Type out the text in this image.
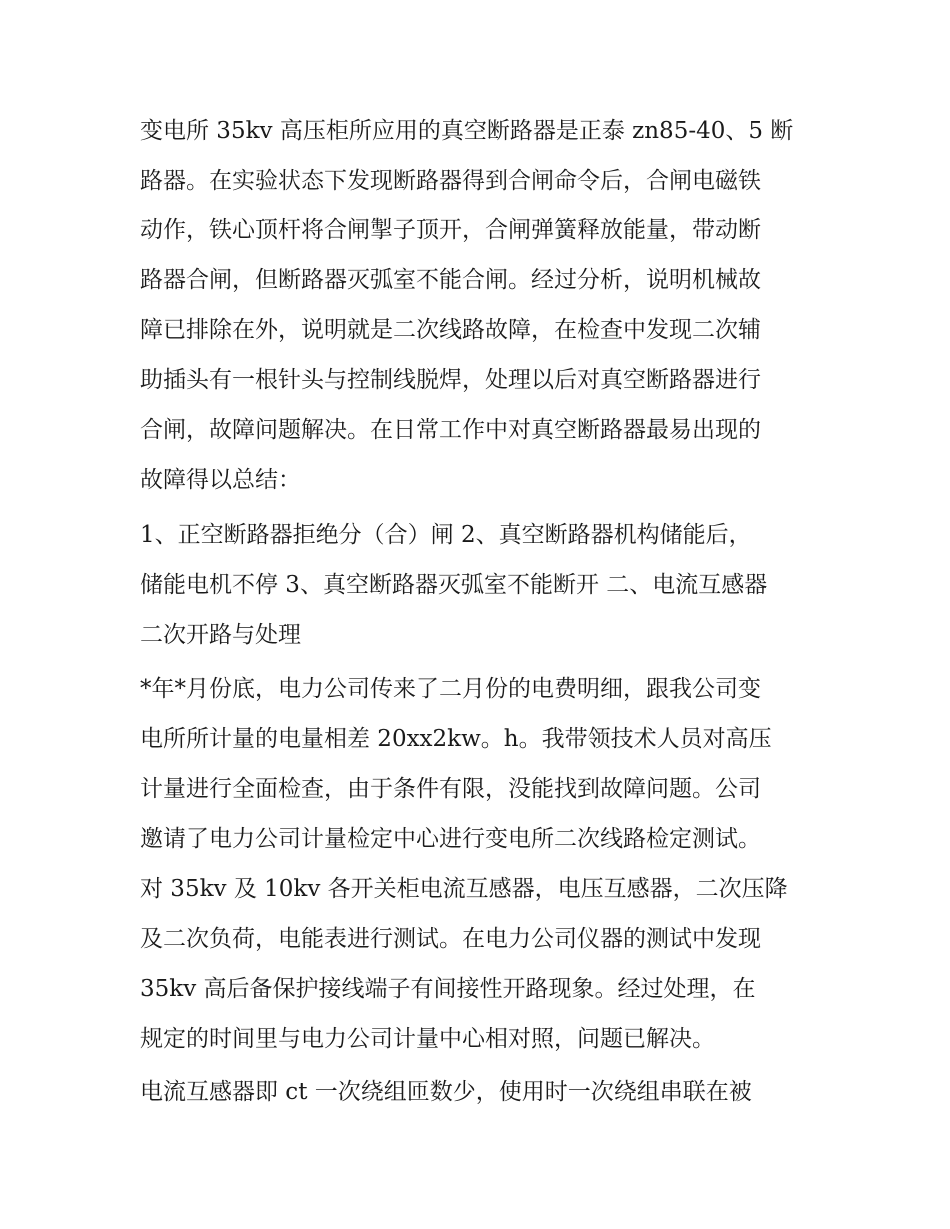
变电所 35kv 高压柜所应用的真空断路器是正泰 zn85-40、5 断
路器。在实验状态下发现断路器得到合闸命令后，合闸电磁铁
动作，铁心顶杆将合闸掣子顶开，合闸弹簧释放能量，带动断
路器合闸，但断路器灭弧室不能合闸。经过分析，说明机械故
障已排除在外，说明就是二次线路故障，在检查中发现二次辅
助插头有一根针头与控制线脱焊，处理以后对真空断路器进行
合闸，故障问题解决。在日常工作中对真空断路器最易出现的
故障得以总结：
1、正空断路器拒绝分（合）闸 2、真空断路器机构储能后，
储能电机不停 3、真空断路器灭弧室不能断开 二、电流互感器
二次开路与处理
*年*月份底，电力公司传来了二月份的电费明细，跟我公司变
电所所计量的电量相差 20xx2kw。h。我带领技术人员对高压
计量进行全面检查，由于条件有限，没能找到故障问题。公司
邀请了电力公司计量检定中心进行变电所二次线路检定测试。
对 35kv 及 10kv 各开关柜电流互感器，电压互感器，二次压降
及二次负荷，电能表进行测试。在电力公司仪器的测试中发现
35kv 高后备保护接线端子有间接性开路现象。经过处理，在
规定的时间里与电力公司计量中心相对照，问题已解决。
电流互感器即 ct 一次绕组匝数少，使用时一次绕组串联在被
